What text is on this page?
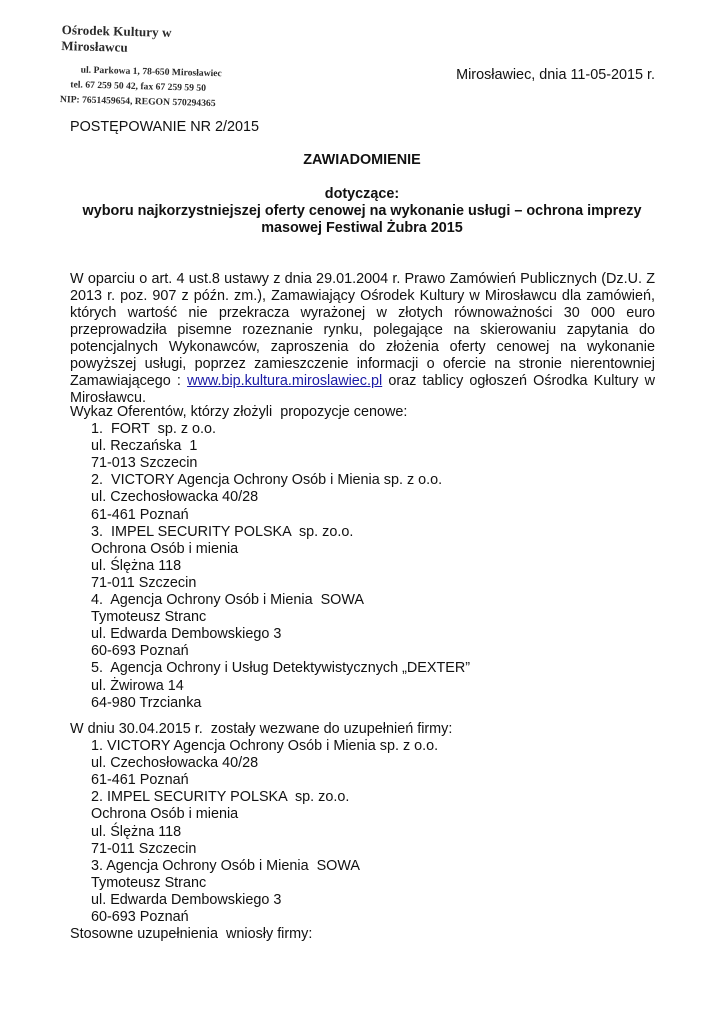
Ośrodek Kultury w Mirosławcu
ul. Parkowa 1, 78-650 Mirosławiec
tel. 67 259 50 42, fax 67 259 59 50
NIP: 7651459654, REGON 570294365
Mirosławiec, dnia 11-05-2015 r.
POSTĘPOWANIE NR 2/2015
ZAWIADOMIENIE
dotyczące:
wyboru najkorzystniejszej oferty cenowej na wykonanie usługi – ochrona imprezy
masowej Festiwal Żubra 2015
W oparciu o art. 4 ust.8 ustawy z dnia 29.01.2004 r. Prawo Zamówień Publicznych (Dz.U. Z 2013 r. poz. 907 z późn. zm.), Zamawiający Ośrodek Kultury w Mirosławcu dla zamówień, których wartość nie przekracza wyrażonej w złotych równoważności 30 000 euro przeprowadziła pisemne rozeznanie rynku, polegające na skierowaniu zapytania do potencjalnych Wykonawców, zaproszenia do złożenia oferty cenowej na wykonanie powyższej usługi, poprzez zamieszczenie informacji o ofercie na stronie nierentowniej Zamawiającego : www.bip.kultura.miroslawiec.pl oraz tablicy ogłoszeń Ośrodka Kultury w Mirosławcu.
Wykaz Oferentów, którzy złożyli  propozycje cenowe:
1.  FORT  sp. z o.o.
ul. Reczańska  1
71-013 Szczecin
2.  VICTORY Agencja Ochrony Osób i Mienia sp. z o.o.
ul. Czechosłowacka 40/28
61-461 Poznań
3.  IMPEL SECURITY POLSKA  sp. zo.o.
Ochrona Osób i mienia
ul. Ślężna 118
71-011 Szczecin
4.  Agencja Ochrony Osób i Mienia  SOWA
Tymoteusz Stranc
ul. Edwarda Dembowskiego 3
60-693 Poznań
5.  Agencja Ochrony i Usług Detektywistycznych „DEXTER”
ul. Żwirowa 14
64-980 Trzcianka
W dniu 30.04.2015 r.  zostały wezwane do uzupełnień firmy:
1. VICTORY Agencja Ochrony Osób i Mienia sp. z o.o.
ul. Czechosłowacka 40/28
61-461 Poznań
2. IMPEL SECURITY POLSKA  sp. zo.o.
Ochrona Osób i mienia
ul. Ślężna 118
71-011 Szczecin
3. Agencja Ochrony Osób i Mienia  SOWA
Tymoteusz Stranc
ul. Edwarda Dembowskiego 3
60-693 Poznań
Stosowne uzupełnienia  wniosły firmy:
